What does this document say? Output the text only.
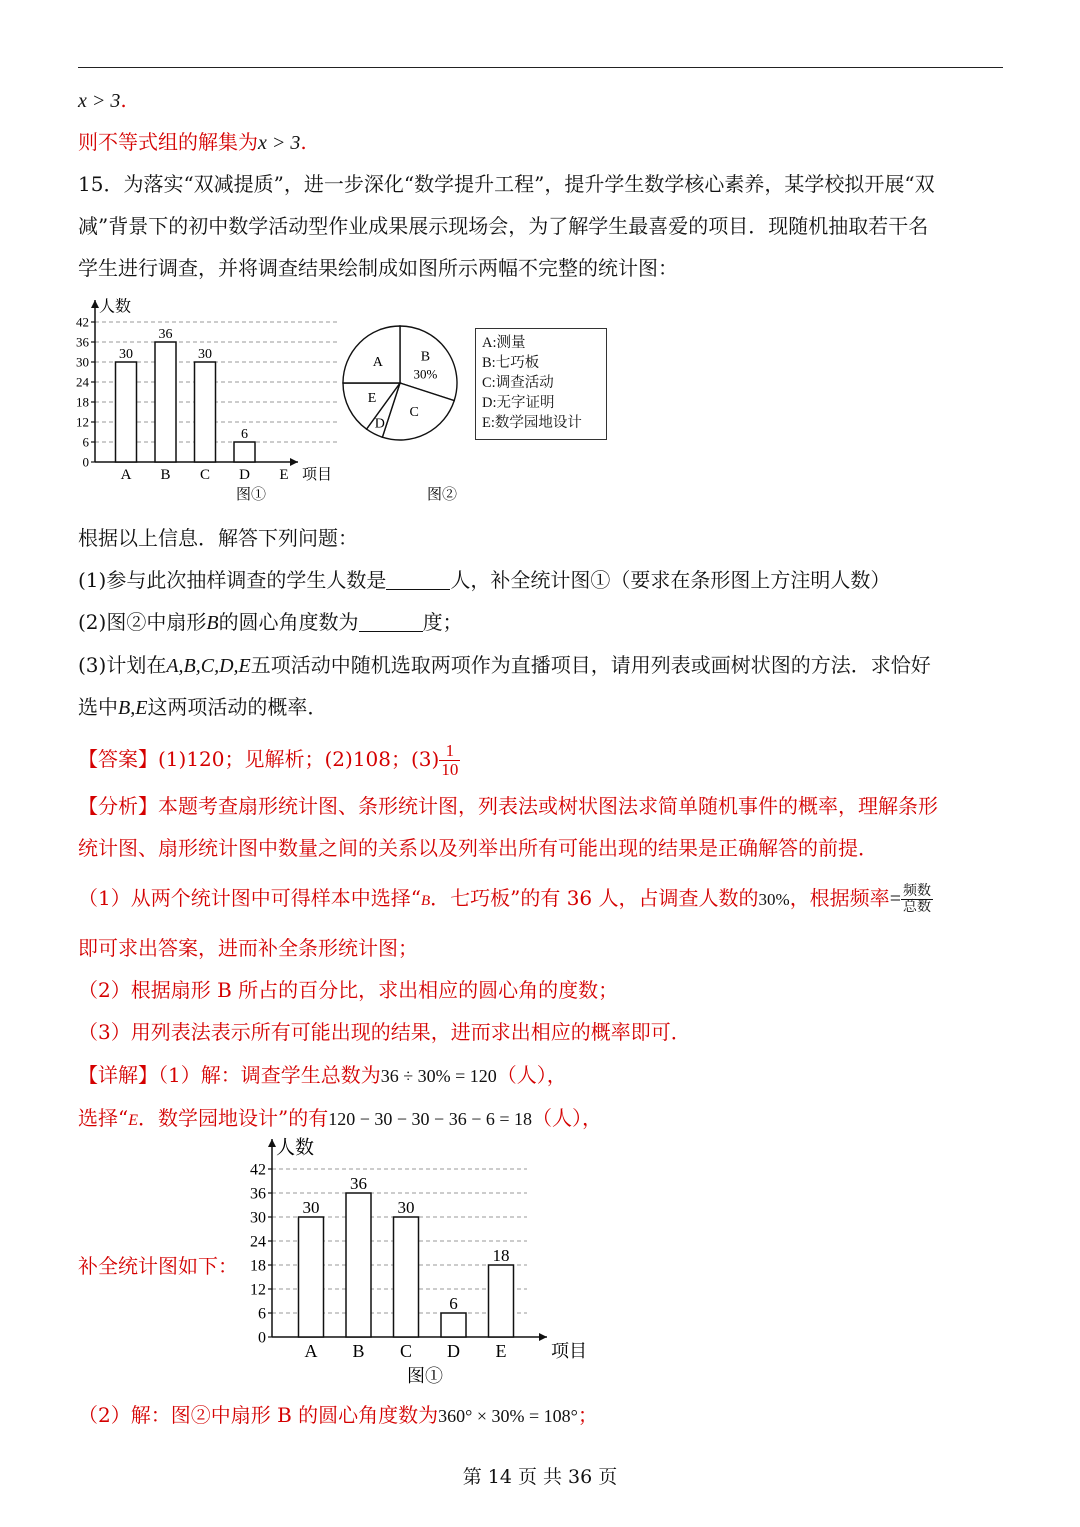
x > 3.
则不等式组的解集为x > 3.
15．为落实“双减提质”，进一步深化“数学提升工程”，提升学生数学核心素养，某学校拟开展“双
减”背景下的初中数学活动型作业成果展示现场会，为了解学生最喜爱的项目．现随机抽取若干名
学生进行调查，并将调查结果绘制成如图所示两幅不完整的统计图：
0
6
12
18
24
30
36
42
人数
项目
A
30
B
36
C
30
D
6
E
图①
A	B
30%
C
D
E
图②
A:测量
B:七巧板
C:调查活动
D:无字证明
E:数学园地设计
根据以上信息．解答下列问题：
(1)参与此次抽样调查的学生人数是	人，补全统计图①（要求在条形图上方注明人数）
(2)图②中扇形B的圆心角度数为	度；
(3)计划在A,B,C,D,E五项活动中随机选取两项作为直播项目，请用列表或画树状图的方法．求恰好
选中B,E这两项活动的概率．
【答案】(1)120；见解析；(2)108；$(3) \frac{1}{10}$
【分析】本题考查扇形统计图、条形统计图，列表法或树状图法求简单随机事件的概率，理解条形
统计图、扇形统计图中数量之间的关系以及列举出所有可能出现的结果是正确解答的前提．
（1）从两个统计图中可得样本中选择“B．七巧板”的有 36 人，占调查人数的30%，根据频率= $\frac{\text{频数}}{\text{总数}}$
即可求出答案，进而补全条形统计图；
（2）根据扇形 B 所占的百分比，求出相应的圆心角的度数；
（3）用列表法表示所有可能出现的结果，进而求出相应的概率即可．
【详解】（1）解：调查学生总数为36 ÷ 30% = 120（人），
选择“E．数学园地设计”的有120 − 30 − 30 − 36 − 6 = 18（人），
补全统计图如下：
0
6
12
18
24
30
36
42
人数
项目
A
30
B
36
C
30
D
6
E
18
图①
（2）解：图②中扇形 B 的圆心角度数为360° × 30% = 108°；
第 14 页 共 36 页
